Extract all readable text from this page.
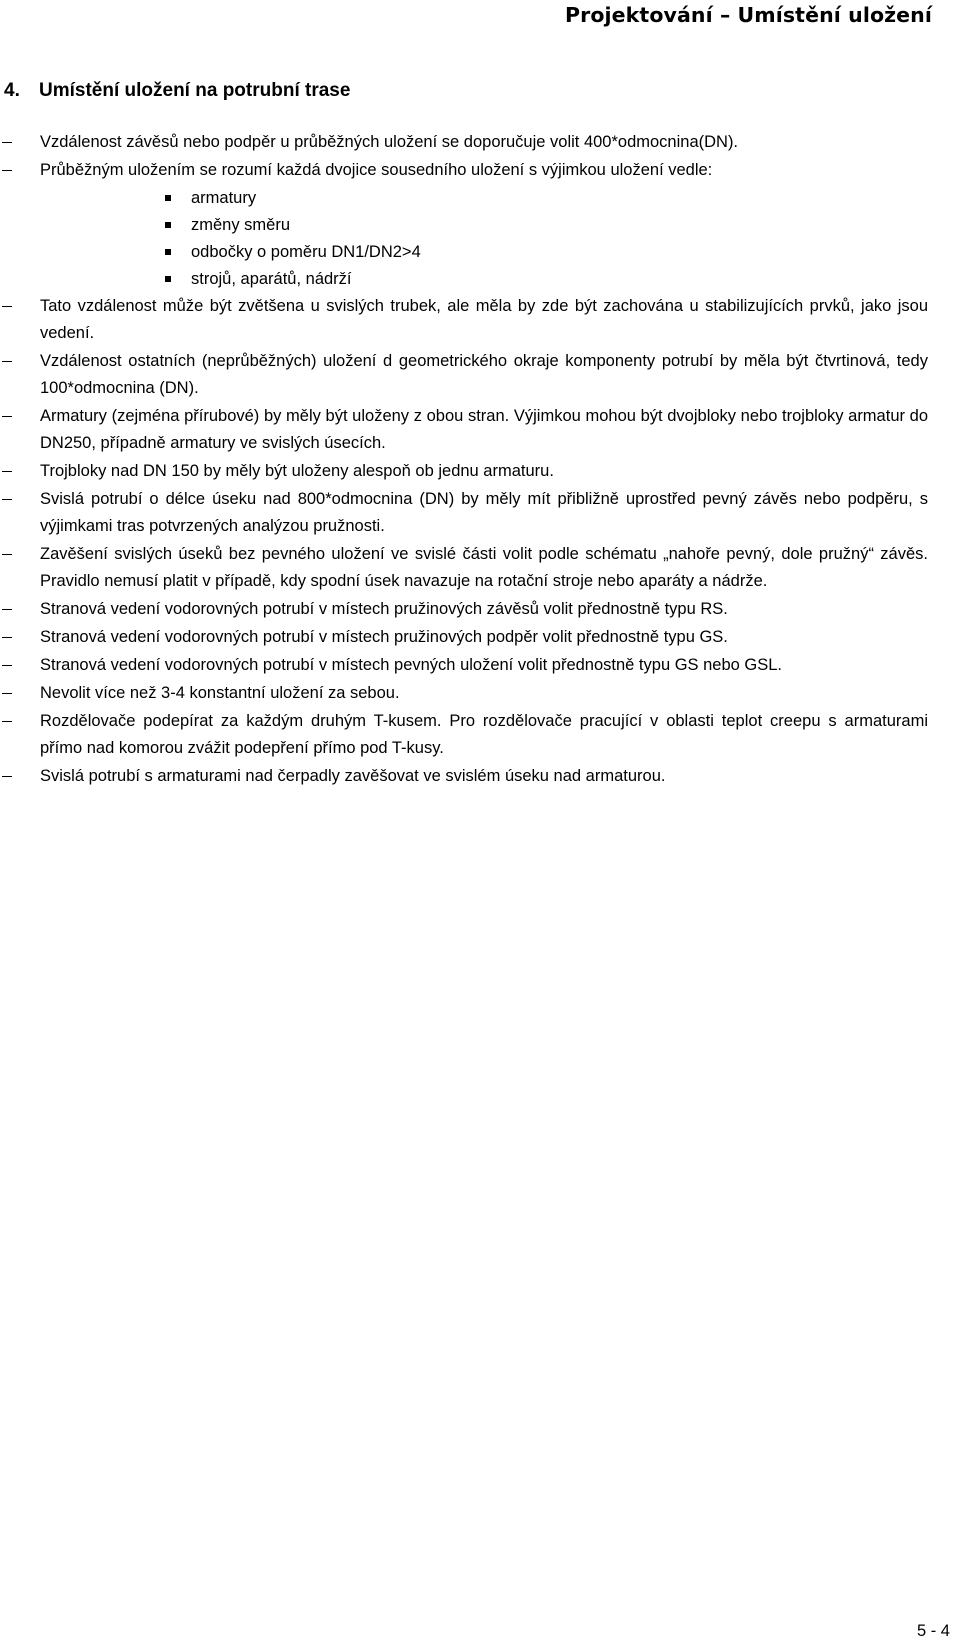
Projektování – Umístění uložení
4. Umístění uložení na potrubní trase
Vzdálenost závěsů nebo podpěr u průběžných uložení se doporučuje volit 400*odmocnina(DN).
Průběžným uložením se rozumí každá dvojice sousedního uložení s výjimkou uložení vedle:
armatury
změny směru
odbočky o poměru DN1/DN2>4
strojů, aparátů, nádrží
Tato vzdálenost může být zvětšena u svislých trubek, ale měla by zde být zachována u stabilizujících prvků, jako jsou vedení.
Vzdálenost ostatních (neprůběžných) uložení d geometrického okraje komponenty potrubí by měla být čtvrtinová, tedy 100*odmocnina (DN).
Armatury (zejména přírubové) by měly být uloženy z obou stran. Výjimkou mohou být dvojbloky nebo trojbloky armatur do DN250, případně armatury ve svislých úsecích.
Trojbloky nad DN 150 by měly být uloženy alespoň ob jednu armaturu.
Svislá potrubí o délce úseku nad 800*odmocnina (DN) by měly mít přibližně uprostřed pevný závěs nebo podpěru, s výjimkami tras potvrzených analýzou pružnosti.
Zavěšení svislých úseků bez pevného uložení ve svislé části volit podle schématu „nahoře pevný, dole pružný“ závěs. Pravidlo nemusí platit v případě, kdy spodní úsek navazuje na rotační stroje nebo aparáty a nádrže.
Stranová vedení vodorovných potrubí v místech pružinových závěsů volit přednostně typu RS.
Stranová vedení vodorovných potrubí v místech pružinových podpěr volit přednostně typu GS.
Stranová vedení vodorovných potrubí v místech pevných uložení volit přednostně typu GS nebo GSL.
Nevolit více než 3-4 konstantní uložení za sebou.
Rozdělovače podepírat za každým druhým T-kusem. Pro rozdělovače pracující v oblasti teplot creepu s armaturami přímo nad komorou zvážit podepření přímo pod T-kusy.
Svislá potrubí s armaturami nad čerpadly zavěšovat ve svislém úseku nad armaturou.
5 - 4
